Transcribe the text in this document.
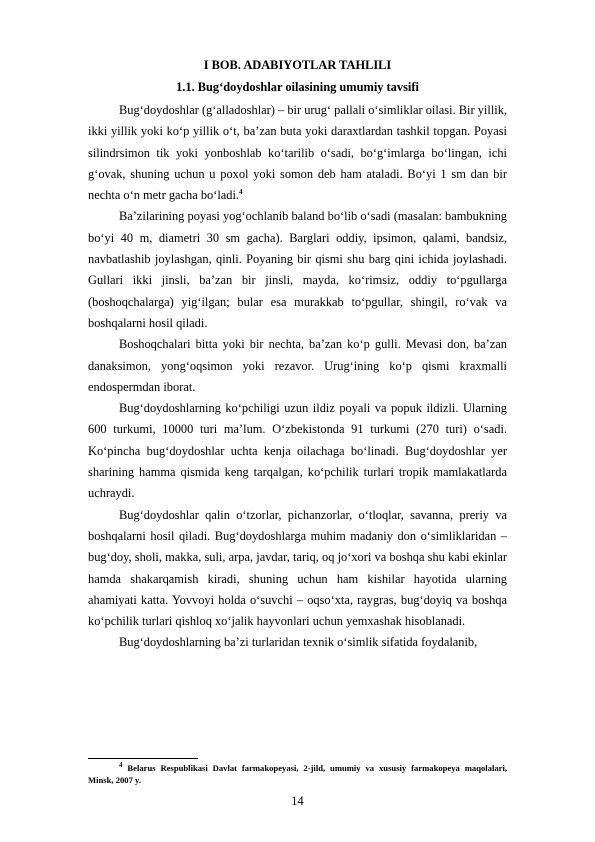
I BOB. ADABIYOTLAR TAHLILI
1.1. Bug‘doydoshlar oilasining umumiy tavsifi

Bug‘doydoshlar (g‘alladoshlar) – bir urug‘ pallali o‘simliklar oilasi. Bir yillik, ikki yillik yoki ko‘p yillik o‘t, ba’zan buta yoki daraxtlardan tashkil topgan. Poyasi silindrsimon tik yoki yonboshlab ko‘tarilib o‘sadi, bo‘g‘imlarga bo‘lingan, ichi g‘ovak, shuning uchun u poxol yoki somon deb ham ataladi. Bo‘yi 1 sm dan bir nechta o‘n metr gacha bo‘ladi.$^4$

Ba’zilarining poyasi yog‘ochlanib baland bo‘lib o‘sadi (masalan: bambukning bo‘yi 40 m, diametri 30 sm gacha). Barglari oddiy, ipsimon, qalami, bandsiz, navbatlashib joylashgan, qinli. Poyaning bir qismi shu barg qini ichida joylashadi. Gullari ikki jinsli, ba’zan bir jinsli, mayda, ko‘rimsiz, oddiy to‘pgullarga (boshoqchalarga) yig‘ilgan; bular esa murakkab to‘pgullar, shingil, ro‘vak va boshqalarni hosil qiladi.

Boshoqchalari bitta yoki bir nechta, ba’zan ko‘p gulli. Mevasi don, ba’zan danaksimon, yong‘oqsimon yoki rezavor. Urug‘ining ko‘p qismi kraxmalli endospermdan iborat.

Bug‘doydoshlarning ko‘pchiligi uzun ildiz poyali va popuk ildizli. Ularning 600 turkumi, 10000 turi ma’lum. O‘zbekistonda 91 turkumi (270 turi) o‘sadi. Ko‘pincha bug‘doydoshlar uchta kenja oilachaga bo‘linadi. Bug‘doydoshlar yer sharining hamma qismida keng tarqalgan, ko‘pchilik turlari tropik mamlakatlarda uchraydi.

Bug‘doydoshlar qalin o‘tzorlar, pichanzorlar, o‘tloqlar, savanna, preriy va boshqalarni hosil qiladi. Bug‘doydoshlarga muhim madaniy don o‘simliklaridan – bug‘doy, sholi, makka, suli, arpa, javdar, tariq, oq jo‘xori va boshqa shu kabi ekinlar hamda shakarqamish kiradi, shuning uchun ham kishilar hayotida ularning ahamiyati katta. Yovvoyi holda o‘suvchi – oqso‘xta, raygras, bug‘doyiq va boshqa ko‘pchilik turlari qishloq xo‘jalik hayvonlari uchun yemxashak hisoblanadi.

Bug‘doydoshlarning ba’zi turlaridan texnik o‘simlik sifatida foydalanib,

$^4$ Belarus Respublikasi Davlat farmakopeyasi, 2-jild, umumiy va xususiy farmakopeya maqolalari, Minsk, 2007 y.
14
